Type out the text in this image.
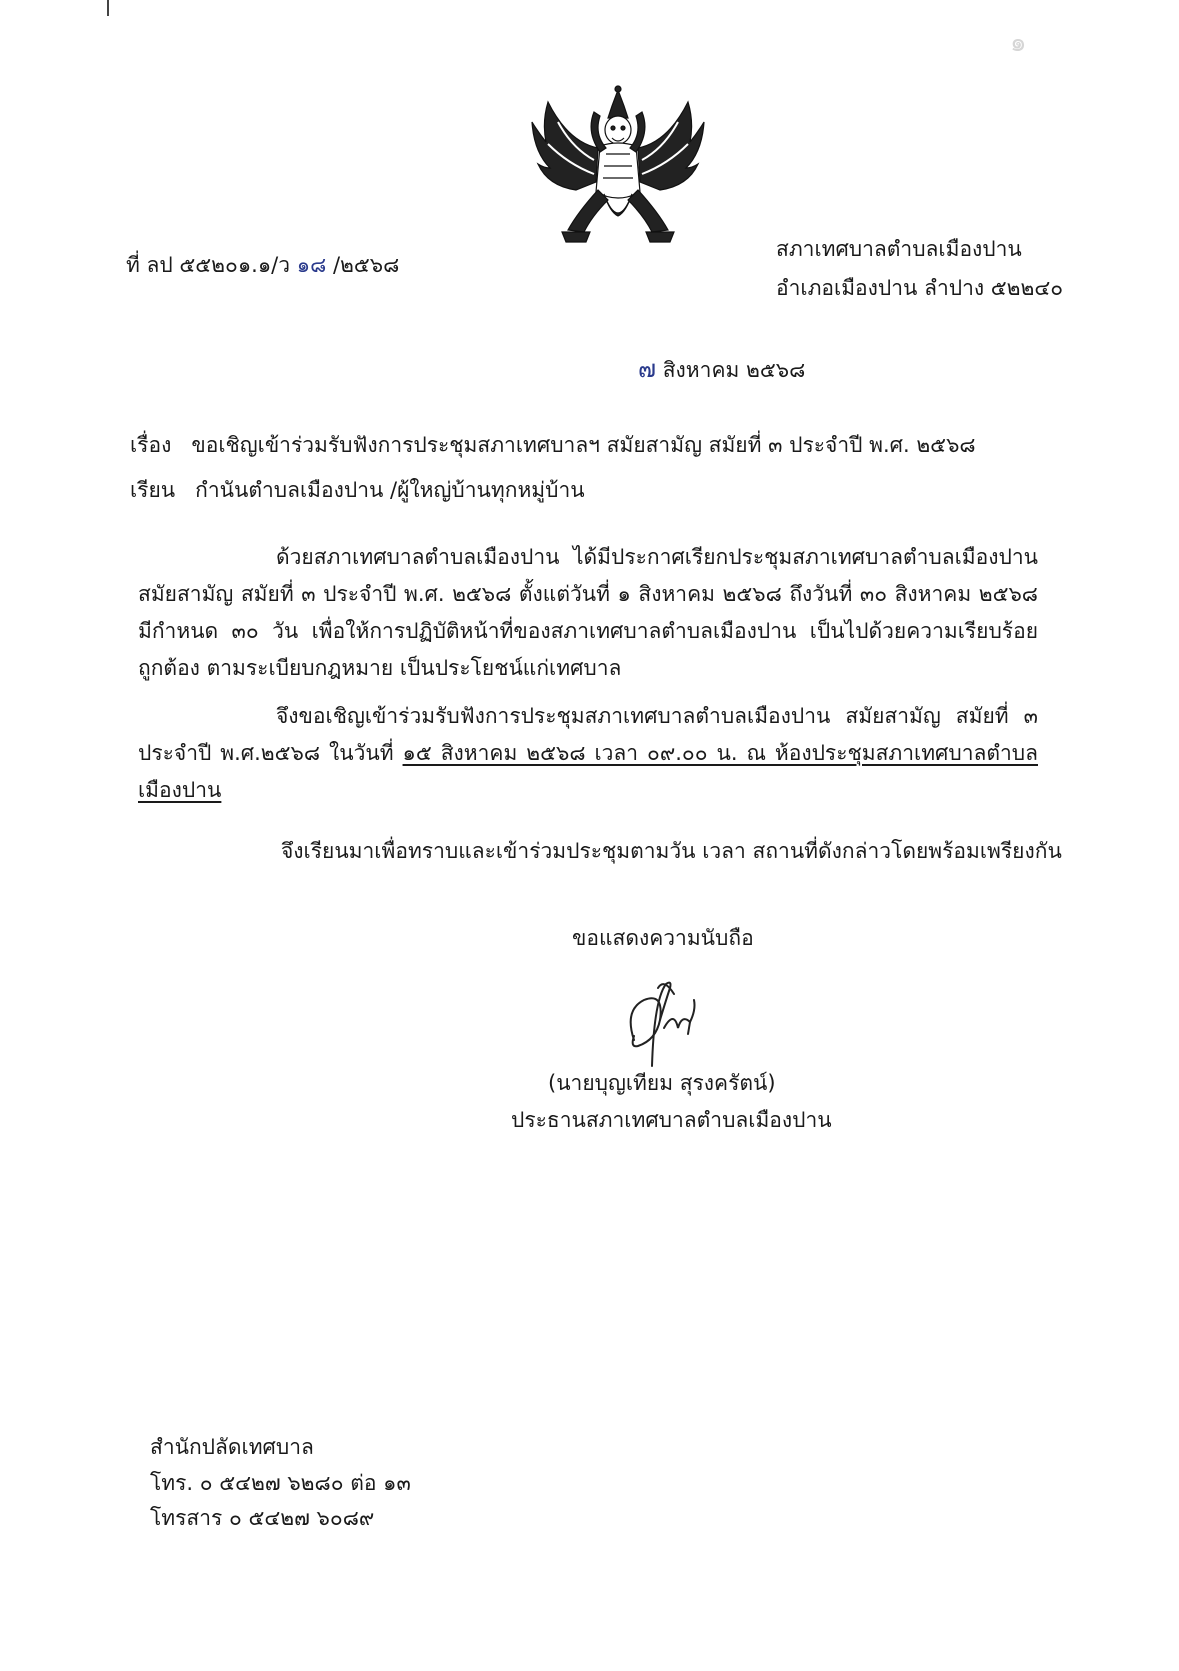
๑
ที่ ลป ๕๕๒๐๑.๑/ว ๑๘ /๒๕๖๘
สภาเทศบาลตำบลเมืองปาน
อำเภอเมืองปาน ลำปาง ๕๒๒๔๐
๗ สิงหาคม ๒๕๖๘
เรื่อง ขอเชิญเข้าร่วมรับฟังการประชุมสภาเทศบาลฯ สมัยสามัญ สมัยที่ ๓ ประจำปี พ.ศ. ๒๕๖๘
เรียน กำนันตำบลเมืองปาน /ผู้ใหญ่บ้านทุกหมู่บ้าน
ด้วยสภาเทศบาลตำบลเมืองปาน ได้มีประกาศเรียกประชุมสภาเทศบาลตำบลเมืองปาน สมัยสามัญ สมัยที่ ๓ ประจำปี พ.ศ. ๒๕๖๘ ตั้งแต่วันที่ ๑ สิงหาคม ๒๕๖๘ ถึงวันที่ ๓๐ สิงหาคม ๒๕๖๘ มีกำหนด ๓๐ วัน เพื่อให้การปฏิบัติหน้าที่ของสภาเทศบาลตำบลเมืองปาน เป็นไปด้วยความเรียบร้อย ถูกต้อง ตามระเบียบกฎหมาย เป็นประโยชน์แก่เทศบาล
จึงขอเชิญเข้าร่วมรับฟังการประชุมสภาเทศบาลตำบลเมืองปาน สมัยสามัญ สมัยที่ ๓ ประจำปี พ.ศ.๒๕๖๘ ในวันที่ ๑๕ สิงหาคม ๒๕๖๘ เวลา ๐๙.๐๐ น. ณ ห้องประชุมสภาเทศบาลตำบลเมืองปาน
จึงเรียนมาเพื่อทราบและเข้าร่วมประชุมตามวัน เวลา สถานที่ดังกล่าวโดยพร้อมเพรียงกัน
ขอแสดงความนับถือ
(นายบุญเทียม สุรงครัตน์)
ประธานสภาเทศบาลตำบลเมืองปาน
สำนักปลัดเทศบาล
โทร. ๐ ๕๔๒๗ ๖๒๘๐ ต่อ ๑๓
โทรสาร ๐ ๕๔๒๗ ๖๐๘๙
